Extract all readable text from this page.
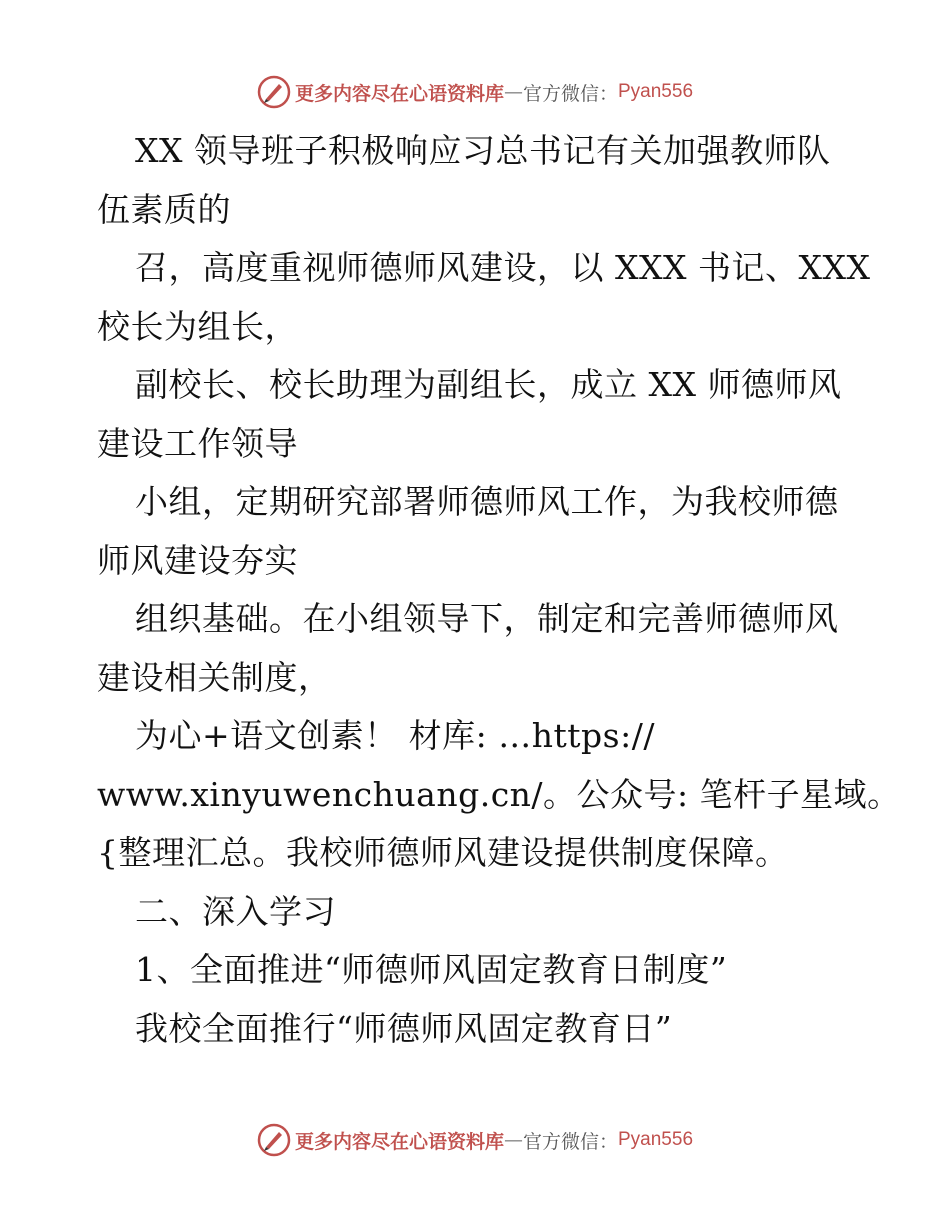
更多内容尽在心语资料库 — 官方微信： Pyan556
XX 领导班子积极响应习总书记有关加强教师队
伍素质的
召，高度重视师德师风建设，以 XXX 书记、XXX
校长为组长，
副校长、校长助理为副组长，成立 XX 师德师风
建设工作领导
小组，定期研究部署师德师风工作，为我校师德
师风建设夯实
组织基础。在小组领导下，制定和完善师德师风
建设相关制度，
为心+语文创素！ 材库: …https://
www.xinyuwenchuang.cn/。公众号: 笔杆子星域。
{整理汇总。我校师德师风建设提供制度保障。
二、深入学习
1、全面推进“师德师风固定教育日制度”
我校全面推行“师德师风固定教育日”
更多内容尽在心语资料库 — 官方微信： Pyan556
